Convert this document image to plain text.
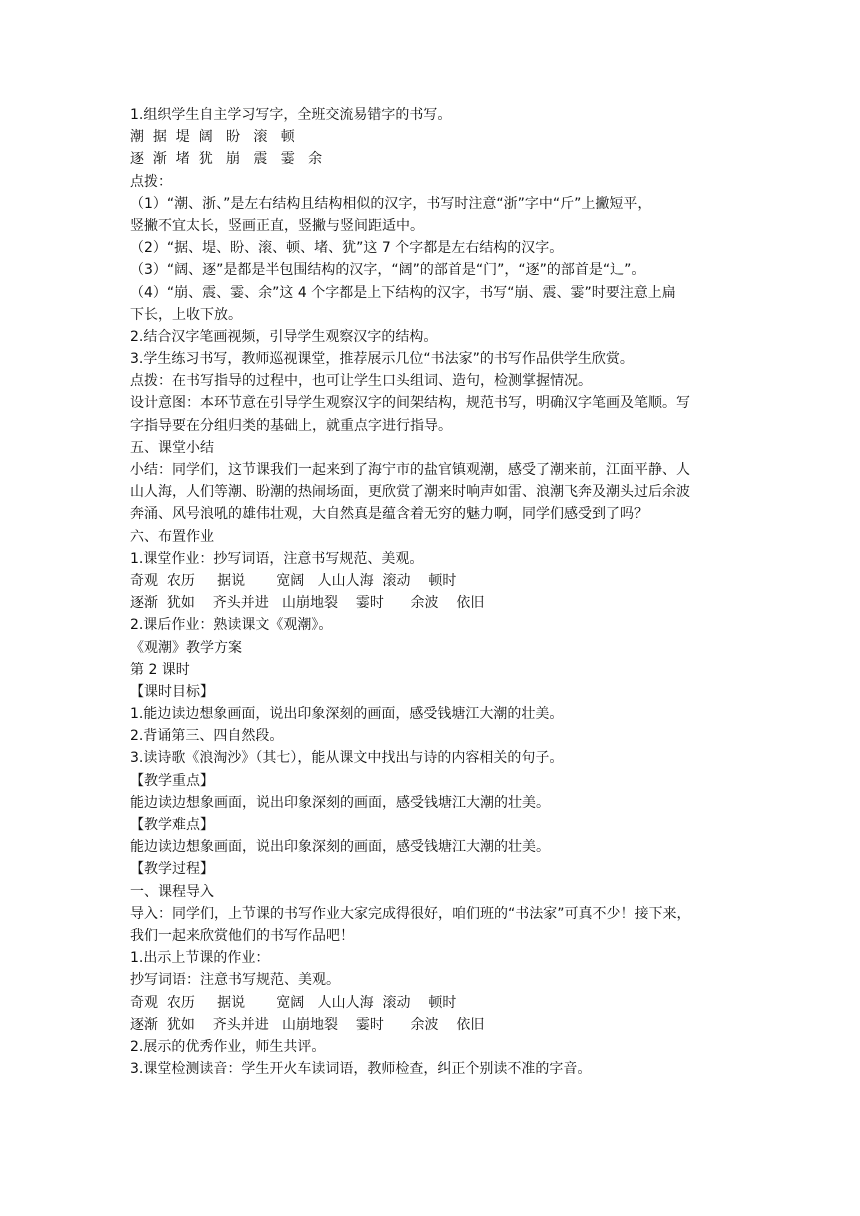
1.组织学生自主学习写字，全班交流易错字的书写。
潮  据  堤  阔   盼   滚   顿
逐  渐  堵  犹   崩   震   霎   余
点拨：
（1）“潮、浙、”是左右结构且结构相似的汉字，书写时注意“浙”字中“斤”上撇短平，
竖撇不宜太长，竖画正直，竖撇与竖间距适中。
（2）“据、堤、盼、滚、顿、堵、犹”这 7 个字都是左右结构的汉字。
（3）“阔、逐”是都是半包围结构的汉字，“阔”的部首是“门”，“逐”的部首是“辶”。
（4）“崩、震、霎、余”这 4 个字都是上下结构的汉字，书写“崩、震、霎”时要注意上扁
下长，上收下放。
2.结合汉字笔画视频，引导学生观察汉字的结构。
3.学生练习书写，教师巡视课堂，推荐展示几位“书法家”的书写作品供学生欣赏。
点拨：在书写指导的过程中，也可让学生口头组词、造句，检测掌握情况。
设计意图：本环节意在引导学生观察汉字的间架结构，规范书写，明确汉字笔画及笔顺。写
字指导要在分组归类的基础上，就重点字进行指导。
五、课堂小结
小结：同学们，这节课我们一起来到了海宁市的盐官镇观潮，感受了潮来前，江面平静、人
山人海，人们等潮、盼潮的热闹场面，更欣赏了潮来时响声如雷、浪潮飞奔及潮头过后余波
奔涌、风号浪吼的雄伟壮观，大自然真是蕴含着无穷的魅力啊，同学们感受到了吗？
六、布置作业
1.课堂作业：抄写词语，注意书写规范、美观。
奇观  农历     据说       宽阔   人山人海  滚动    顿时
逐渐  犹如    齐头并进   山崩地裂    霎时      余波    依旧
2.课后作业：熟读课文《观潮》。
《观潮》教学方案
第 2 课时
【课时目标】
1.能边读边想象画面，说出印象深刻的画面，感受钱塘江大潮的壮美。
2.背诵第三、四自然段。
3.读诗歌《浪淘沙》（其七），能从课文中找出与诗的内容相关的句子。
【教学重点】
能边读边想象画面，说出印象深刻的画面，感受钱塘江大潮的壮美。
【教学难点】
能边读边想象画面，说出印象深刻的画面，感受钱塘江大潮的壮美。
【教学过程】
一、课程导入
导入：同学们，上节课的书写作业大家完成得很好，咱们班的“书法家”可真不少！接下来，
我们一起来欣赏他们的书写作品吧！
1.出示上节课的作业：
抄写词语：注意书写规范、美观。
奇观  农历     据说       宽阔   人山人海  滚动    顿时
逐渐  犹如    齐头并进   山崩地裂    霎时      余波    依旧
2.展示的优秀作业，师生共评。
3.课堂检测读音：学生开火车读词语，教师检查，纠正个别读不准的字音。
